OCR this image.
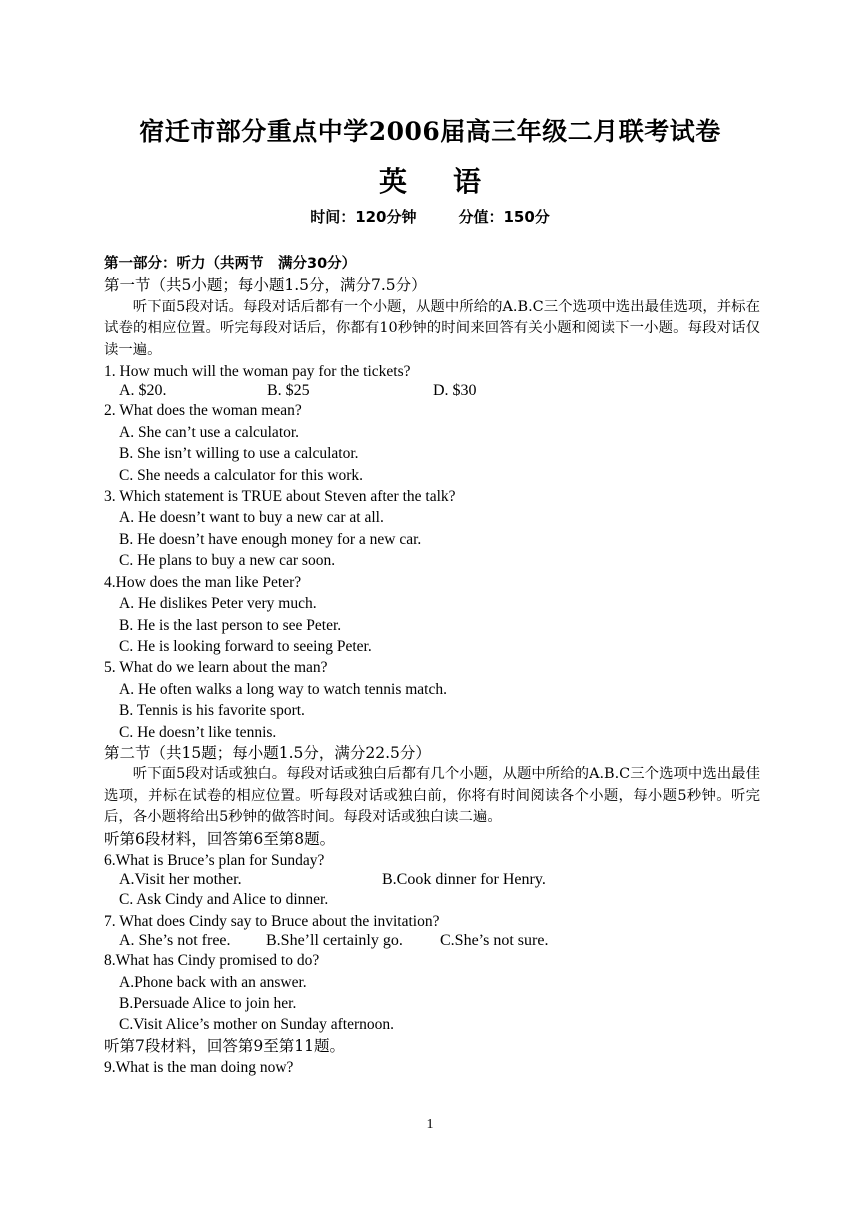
宿迁市部分重点中学2006届高三年级二月联考试卷
英 语
时间：120分钟	分值：150分
第一部分：听力（共两节　满分30分）
第一节（共5小题；每小题1.5分，满分7.5分）
听下面5段对话。每段对话后都有一个小题，从题中所给的A.B.C三个选项中选出最佳选项，并标在试卷的相应位置。听完每段对话后，你都有10秒钟的时间来回答有关小题和阅读下一小题。每段对话仅读一遍。
1. How much will the woman pay for the tickets?
A. $20.	B. $25	D. $30
2. What does the woman mean?
A. She can’t use a calculator.
B. She isn’t willing to use a calculator.
C. She needs a calculator for this work.
3. Which statement is TRUE about Steven after the talk?
A. He doesn’t want to buy a new car at all.
B. He doesn’t have enough money for a new car.
C. He plans to buy a new car soon.
4.How does the man like Peter?
A. He dislikes Peter very much.
B. He is the last person to see Peter.
C. He is looking forward to seeing Peter.
5. What do we learn about the man?
A. He often walks a long way to watch tennis match.
B. Tennis is his favorite sport.
C. He doesn’t like tennis.
第二节（共15题；每小题1.5分，满分22.5分）
听下面5段对话或独白。每段对话或独白后都有几个小题，从题中所给的A.B.C三个选项中选出最佳选项，并标在试卷的相应位置。听每段对话或独白前，你将有时间阅读各个小题，每小题5秒钟。听完后，各小题将给出5秒钟的做答时间。每段对话或独白读二遍。
听第6段材料，回答第6至第8题。
6.What is Bruce’s plan for Sunday?
A.Visit her mother.	B.Cook dinner for Henry.
C. Ask Cindy and Alice to dinner.
7. What does Cindy say to Bruce about the invitation?
A. She’s not free.	B.She’ll certainly go.	C.She’s not sure.
8.What has Cindy promised to do?
A.Phone back with an answer.
B.Persuade Alice to join her.
C.Visit Alice’s mother on Sunday afternoon.
听第7段材料，回答第9至第11题。
9.What is the man doing now?
1
